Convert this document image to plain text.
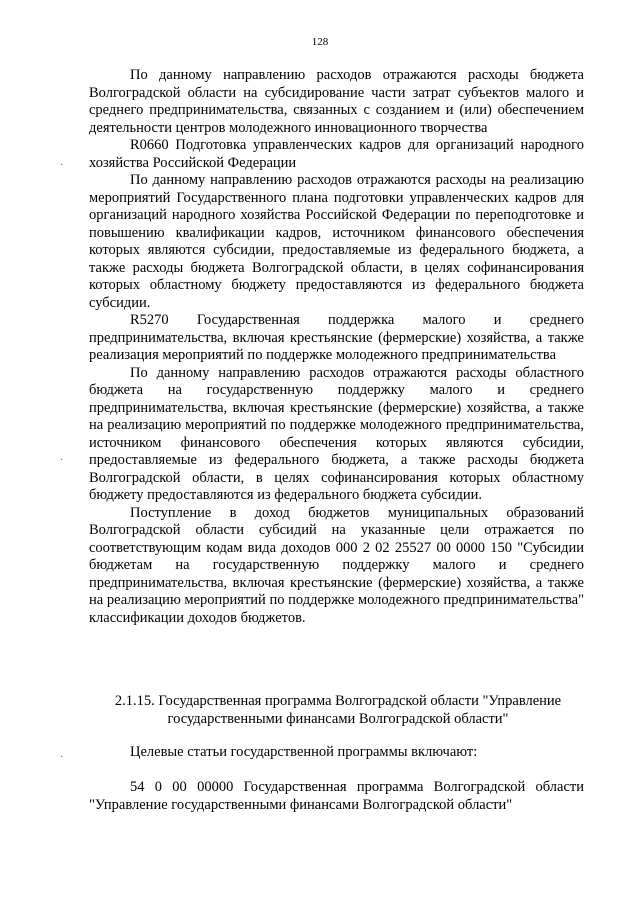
128
·
·
·

По данному направлению расходов отражаются расходы бюджета Волгоградской области на субсидирование части затрат субъектов малого и среднего предпринимательства, связанных с созданием и (или) обеспечением деятельности центров молодежного инновационного творчества

R0660 Подготовка управленческих кадров для организаций народного хозяйства Российской Федерации

По данному направлению расходов отражаются расходы на реализацию мероприятий Государственного плана подготовки управленческих кадров для организаций народного хозяйства Российской Федерации по переподготовке и повышению квалификации кадров, источником финансового обеспечения которых являются субсидии, предоставляемые из федерального бюджета, а также расходы бюджета Волгоградской области, в целях софинансирования которых областному бюджету предоставляются из федерального бюджета субсидии.

R5270 Государственная поддержка малого и среднего предпринимательства, включая крестьянские (фермерские) хозяйства, а также реализация мероприятий по поддержке молодежного предпринимательства

По данному направлению расходов отражаются расходы областного бюджета на государственную поддержку малого и среднего предпринимательства, включая крестьянские (фермерские) хозяйства, а также на реализацию мероприятий по поддержке молодежного предпринимательства, источником финансового обеспечения которых являются субсидии, предоставляемые из федерального бюджета, а также расходы бюджета Волгоградской области, в целях софинансирования которых областному бюджету предоставляются из федерального бюджета субсидии.

Поступление в доход бюджетов муниципальных образований Волгоградской области субсидий на указанные цели отражается по соответствующим кодам вида доходов 000 2 02 25527 00 0000 150 "Субсидии бюджетам на государственную поддержку малого и среднего предпринимательства, включая крестьянские (фермерские) хозяйства, а также на реализацию мероприятий по поддержке молодежного предпринимательства" классификации доходов бюджетов.

2.1.15. Государственная программа Волгоградской области "Управление государственными финансами Волгоградской области"

Целевые статьи государственной программы включают:

54 0 00 00000 Государственная программа Волгоградской области "Управление государственными финансами Волгоградской области"
